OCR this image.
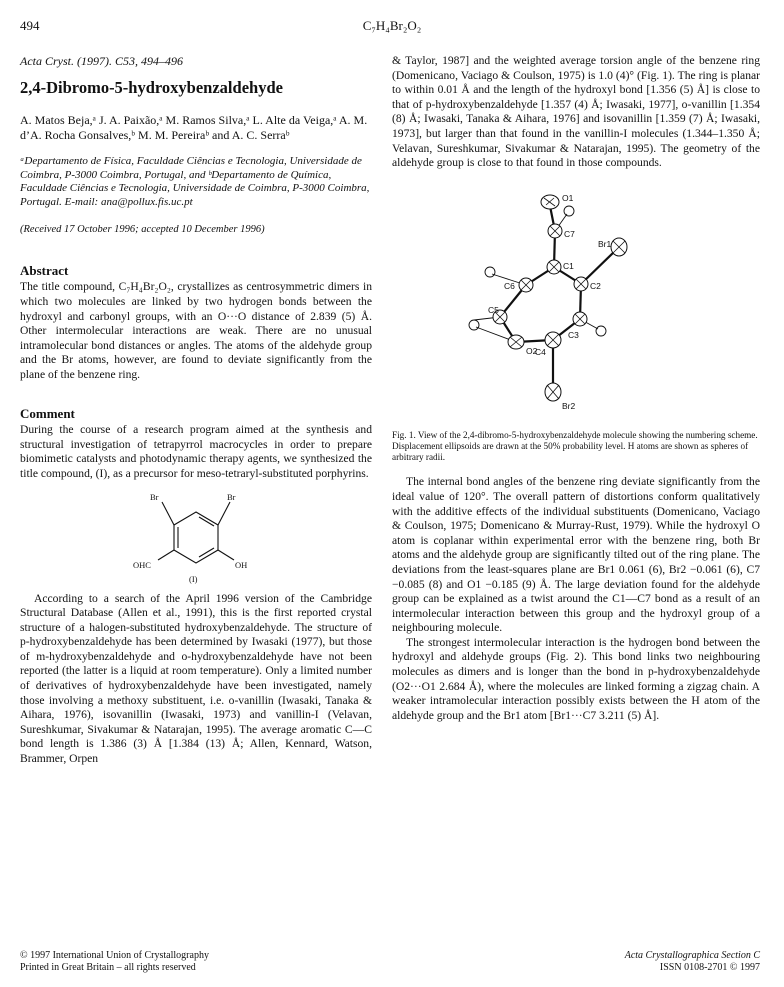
494	C₇H₄Br₂O₂

Acta Cryst. (1997). C53, 494–496

2,4-Dibromo-5-hydroxybenzaldehyde

A. Matos Beja,ᵃ J. A. Paixão,ᵃ M. Ramos Silva,ᵃ L. Alte da Veiga,ᵃ A. M. d’A. Rocha Gonsalves,ᵇ M. M. Pereiraᵇ and A. C. Serraᵇ

ᵃDepartamento de Física, Faculdade Ciências e Tecnologia, Universidade de Coimbra, P-3000 Coimbra, Portugal, and ᵇDepartamento de Química, Faculdade Ciências e Tecnologia, Universidade de Coimbra, P-3000 Coimbra, Portugal. E-mail: ana@pollux.fis.uc.pt

(Received 17 October 1996; accepted 10 December 1996)

Abstract

The title compound, C₇H₄Br₂O₂, crystallizes as centrosymmetric dimers in which two molecules are linked by two hydrogen bonds between the hydroxyl and carbonyl groups, with an O···O distance of 2.839 (5) Å. Other intermolecular interactions are weak. There are no unusual intramolecular bond distances or angles. The atoms of the aldehyde group and the Br atoms, however, are found to deviate significantly from the plane of the benzene ring.

Comment

During the course of a research program aimed at the synthesis and structural investigation of tetrapyrrol macrocycles in order to prepare biomimetic catalysts and photodynamic therapy agents, we synthesized the title compound, (I), as a precursor for meso-tetraryl-substituted porphyrins.

Br	Br
OHC	OH
(I)

According to a search of the April 1996 version of the Cambridge Structural Database (Allen et al., 1991), this is the first reported crystal structure of a halogen-substituted hydroxybenzaldehyde. The structure of p-hydroxybenzaldehyde has been determined by Iwasaki (1977), but those of m-hydroxybenzaldehyde and o-hydroxybenzaldehyde have not been reported (the latter is a liquid at room temperature). Only a limited number of derivatives of hydroxybenzaldehyde have been investigated, namely those involving a methoxy substituent, i.e. o-vanillin (Iwasaki, Tanaka & Aihara, 1976), isovanillin (Iwasaki, 1973) and vanillin-I (Velavan, Sureshkumar, Sivakumar & Natarajan, 1995). The average aromatic C—C bond length is 1.386 (3) Å [1.384 (13) Å; Allen, Kennard, Watson, Brammer, Orpen

& Taylor, 1987] and the weighted average torsion angle of the benzene ring (Domenicano, Vaciago & Coulson, 1975) is 1.0 (4)° (Fig. 1). The ring is planar to within 0.01 Å and the length of the hydroxyl bond [1.356 (5) Å] is close to that of p-hydroxybenzaldehyde [1.357 (4) Å; Iwasaki, 1977], o-vanillin [1.354 (8) Å; Iwasaki, Tanaka & Aihara, 1976] and isovanillin [1.359 (7) Å; Iwasaki, 1973], but larger than that found in the vanillin-I molecules (1.344–1.350 Å; Velavan, Sureshkumar, Sivakumar & Natarajan, 1995). The geometry of the aldehyde group is close to that found in those compounds.

O1
C7
C1
Br1
C6	C2
C5
C3
O2
C4
Br2

Fig. 1. View of the 2,4-dibromo-5-hydroxybenzaldehyde molecule showing the numbering scheme. Displacement ellipsoids are drawn at the 50% probability level. H atoms are shown as spheres of arbitrary radii.

The internal bond angles of the benzene ring deviate significantly from the ideal value of 120°. The overall pattern of distortions conform qualitatively with the additive effects of the individual substituents (Domenicano, Vaciago & Coulson, 1975; Domenicano & Murray-Rust, 1979). While the hydroxyl O atom is coplanar within experimental error with the benzene ring, both Br atoms and the aldehyde group are significantly tilted out of the ring plane. The deviations from the least-squares plane are Br1 0.061 (6), Br2 −0.061 (6), C7 −0.085 (8) and O1 −0.185 (9) Å. The large deviation found for the aldehyde group can be explained as a twist around the C1—C7 bond as a result of an intermolecular interaction between this group and the hydroxyl group of a neighbouring molecule.

The strongest intermolecular interaction is the hydrogen bond between the hydroxyl and aldehyde groups (Fig. 2). This bond links two neighbouring molecules as dimers and is longer than the bond in p-hydroxybenzaldehyde (O2···O1 2.684 Å), where the molecules are linked forming a zigzag chain. A weaker intramolecular interaction possibly exists between the H atom of the aldehyde group and the Br1 atom [Br1···C7 3.211 (5) Å].

© 1997 International Union of Crystallography
Printed in Great Britain – all rights reserved
Acta Crystallographica Section C
ISSN 0108-2701 © 1997
